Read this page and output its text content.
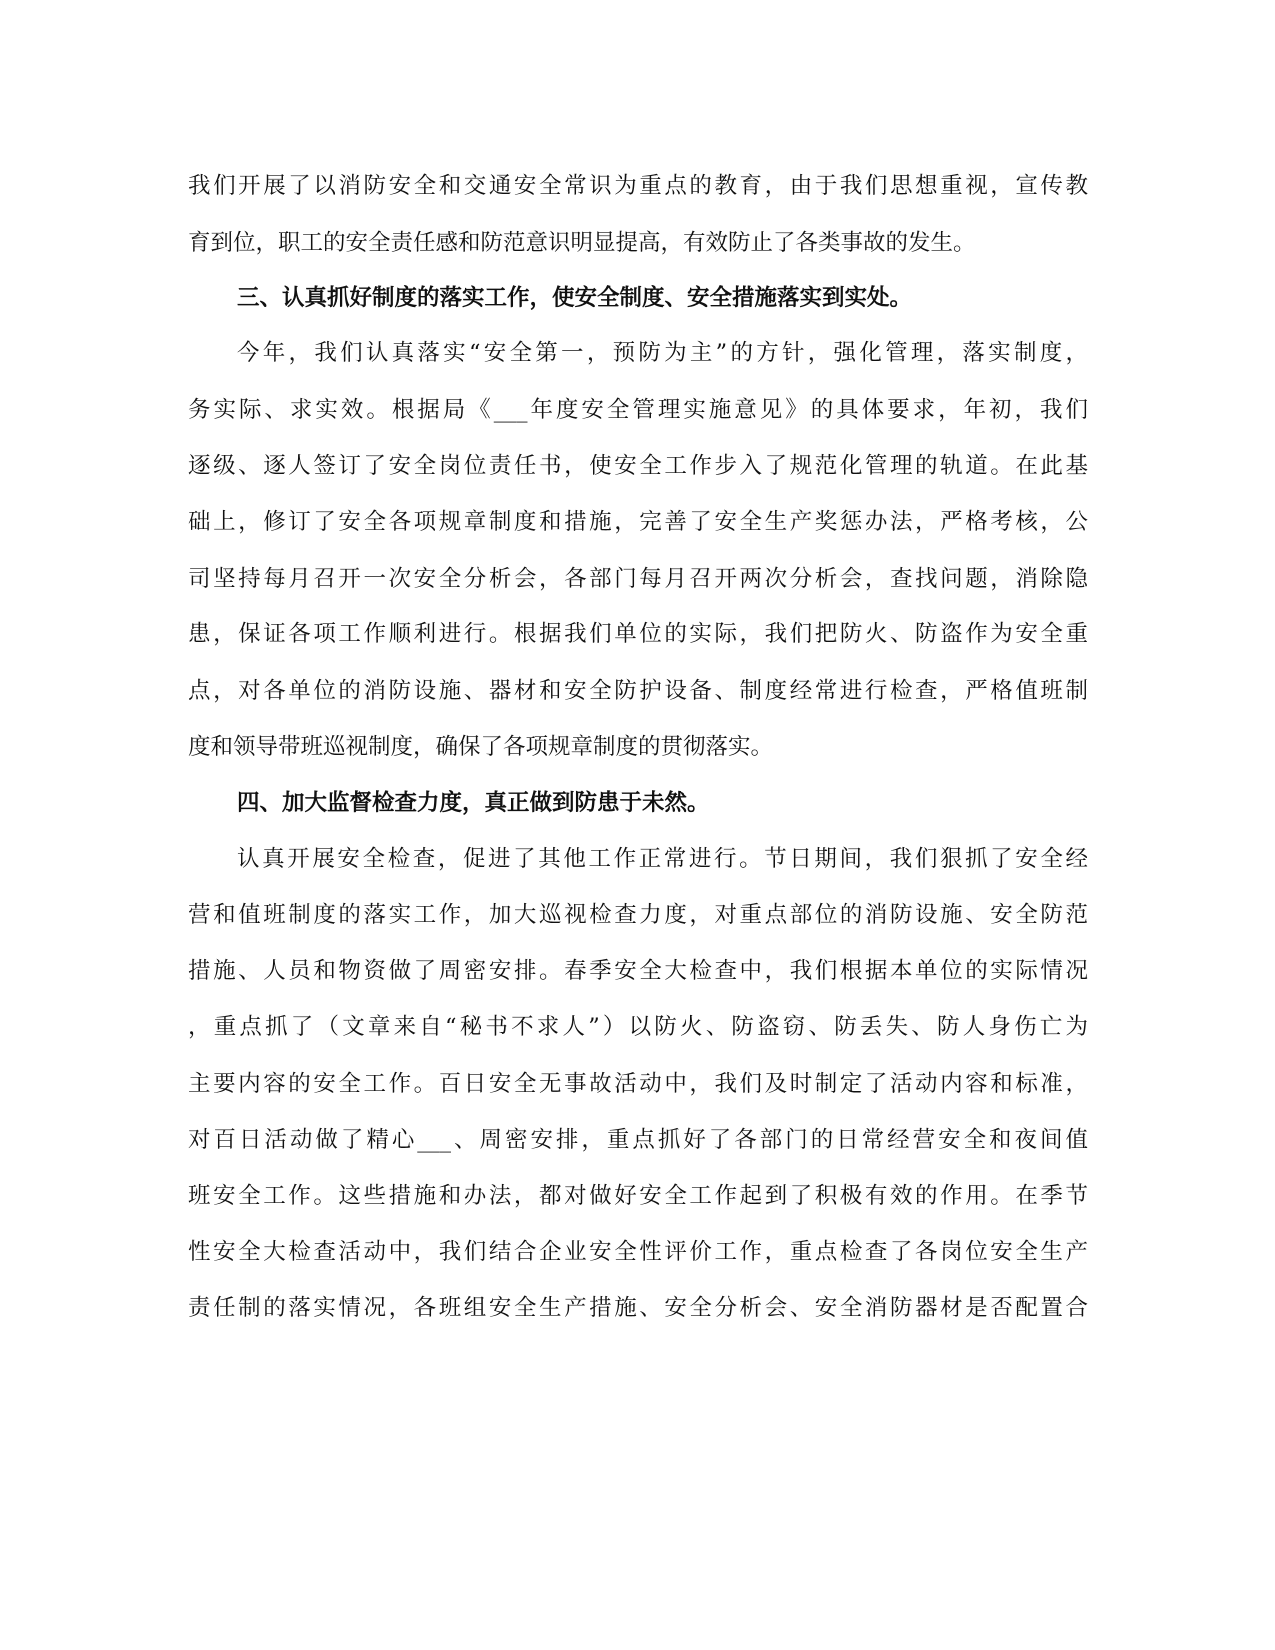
我们开展了以消防安全和交通安全常识为重点的教育，由于我们思想重视，宣传教
育到位，职工的安全责任感和防范意识明显提高，有效防止了各类事故的发生。
三、认真抓好制度的落实工作，使安全制度、安全措施落实到实处。
今年，我们认真落实“安全第一，预防为主”的方针，强化管理，落实制度，
务实际、求实效。根据局《___年度安全管理实施意见》的具体要求，年初，我们
逐级、逐人签订了安全岗位责任书，使安全工作步入了规范化管理的轨道。在此基
础上，修订了安全各项规章制度和措施，完善了安全生产奖惩办法，严格考核，公
司坚持每月召开一次安全分析会，各部门每月召开两次分析会，查找问题，消除隐
患，保证各项工作顺利进行。根据我们单位的实际，我们把防火、防盗作为安全重
点，对各单位的消防设施、器材和安全防护设备、制度经常进行检查，严格值班制
度和领导带班巡视制度，确保了各项规章制度的贯彻落实。
四、加大监督检查力度，真正做到防患于未然。
认真开展安全检查，促进了其他工作正常进行。节日期间，我们狠抓了安全经
营和值班制度的落实工作，加大巡视检查力度，对重点部位的消防设施、安全防范
措施、人员和物资做了周密安排。春季安全大检查中，我们根据本单位的实际情况
，重点抓了（文章来自“秘书不求人”）以防火、防盗窃、防丢失、防人身伤亡为
主要内容的安全工作。百日安全无事故活动中，我们及时制定了活动内容和标准，
对百日活动做了精心___、周密安排，重点抓好了各部门的日常经营安全和夜间值
班安全工作。这些措施和办法，都对做好安全工作起到了积极有效的作用。在季节
性安全大检查活动中，我们结合企业安全性评价工作，重点检查了各岗位安全生产
责任制的落实情况，各班组安全生产措施、安全分析会、安全消防器材是否配置合
